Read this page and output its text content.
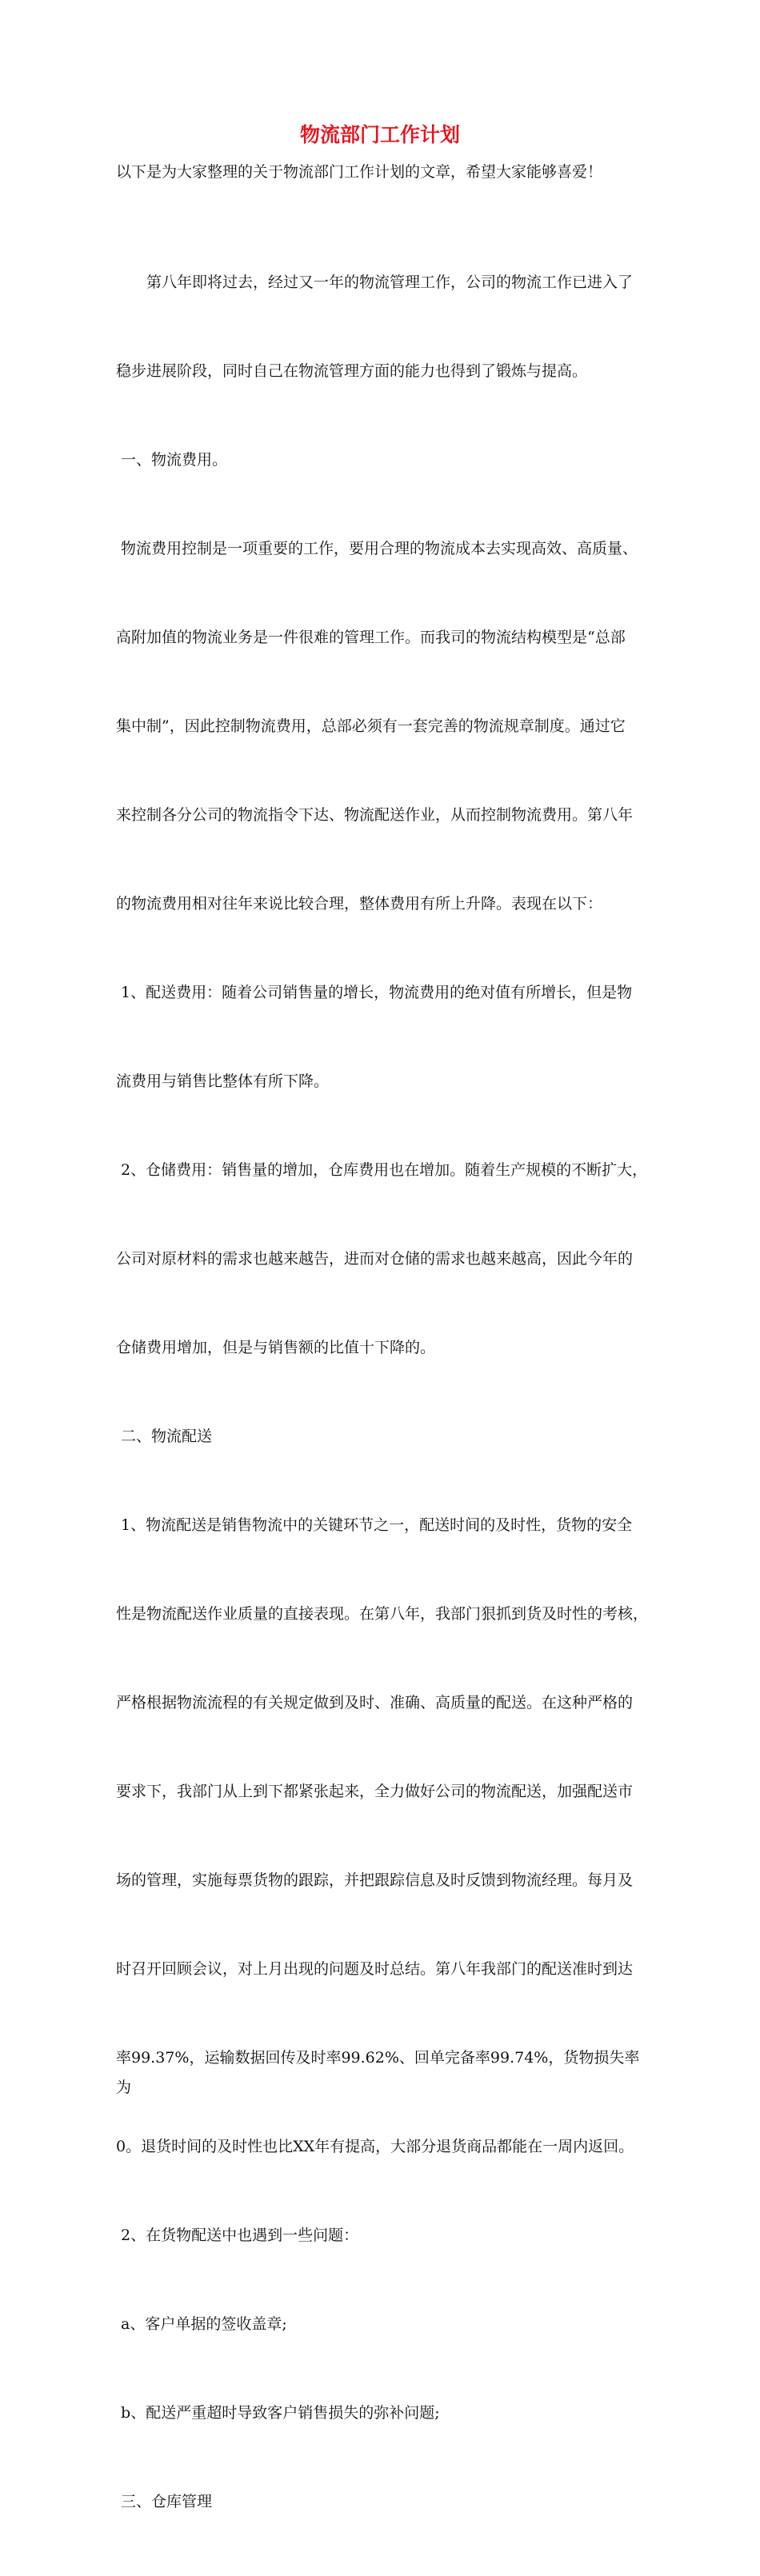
物流部门工作计划

以下是为大家整理的关于物流部门工作计划的文章，希望大家能够喜爱！

　　第八年即将过去，经过又一年的物流管理工作，公司的物流工作已进入了

稳步进展阶段，同时自己在物流管理方面的能力也得到了锻炼与提高。

一、物流费用。

物流费用控制是一项重要的工作，要用合理的物流成本去实现高效、高质量、

高附加值的物流业务是一件很难的管理工作。而我司的物流结构模型是“总部

集中制”，因此控制物流费用，总部必须有一套完善的物流规章制度。通过它

来控制各分公司的物流指令下达、物流配送作业，从而控制物流费用。第八年

的物流费用相对往年来说比较合理，整体费用有所上升降。表现在以下：

1、配送费用：随着公司销售量的增长，物流费用的绝对值有所增长，但是物

流费用与销售比整体有所下降。

2、仓储费用：销售量的增加，仓库费用也在增加。随着生产规模的不断扩大，

公司对原材料的需求也越来越告，进而对仓储的需求也越来越高，因此今年的

仓储费用增加，但是与销售额的比值十下降的。

二、物流配送

1、物流配送是销售物流中的关键环节之一，配送时间的及时性，货物的安全

性是物流配送作业质量的直接表现。在第八年，我部门狠抓到货及时性的考核，

严格根据物流流程的有关规定做到及时、准确、高质量的配送。在这种严格的

要求下，我部门从上到下都紧张起来，全力做好公司的物流配送，加强配送市

场的管理，实施每票货物的跟踪，并把跟踪信息及时反馈到物流经理。每月及

时召开回顾会议，对上月出现的问题及时总结。第八年我部门的配送准时到达

率99.37%，运输数据回传及时率99.62%、回单完备率99.74%，货物损失率为

0。退货时间的及时性也比XX年有提高，大部分退货商品都能在一周内返回。

2、在货物配送中也遇到一些问题：

a、客户单据的签收盖章;

b、配送严重超时导致客户销售损失的弥补问题;

三、仓库管理
